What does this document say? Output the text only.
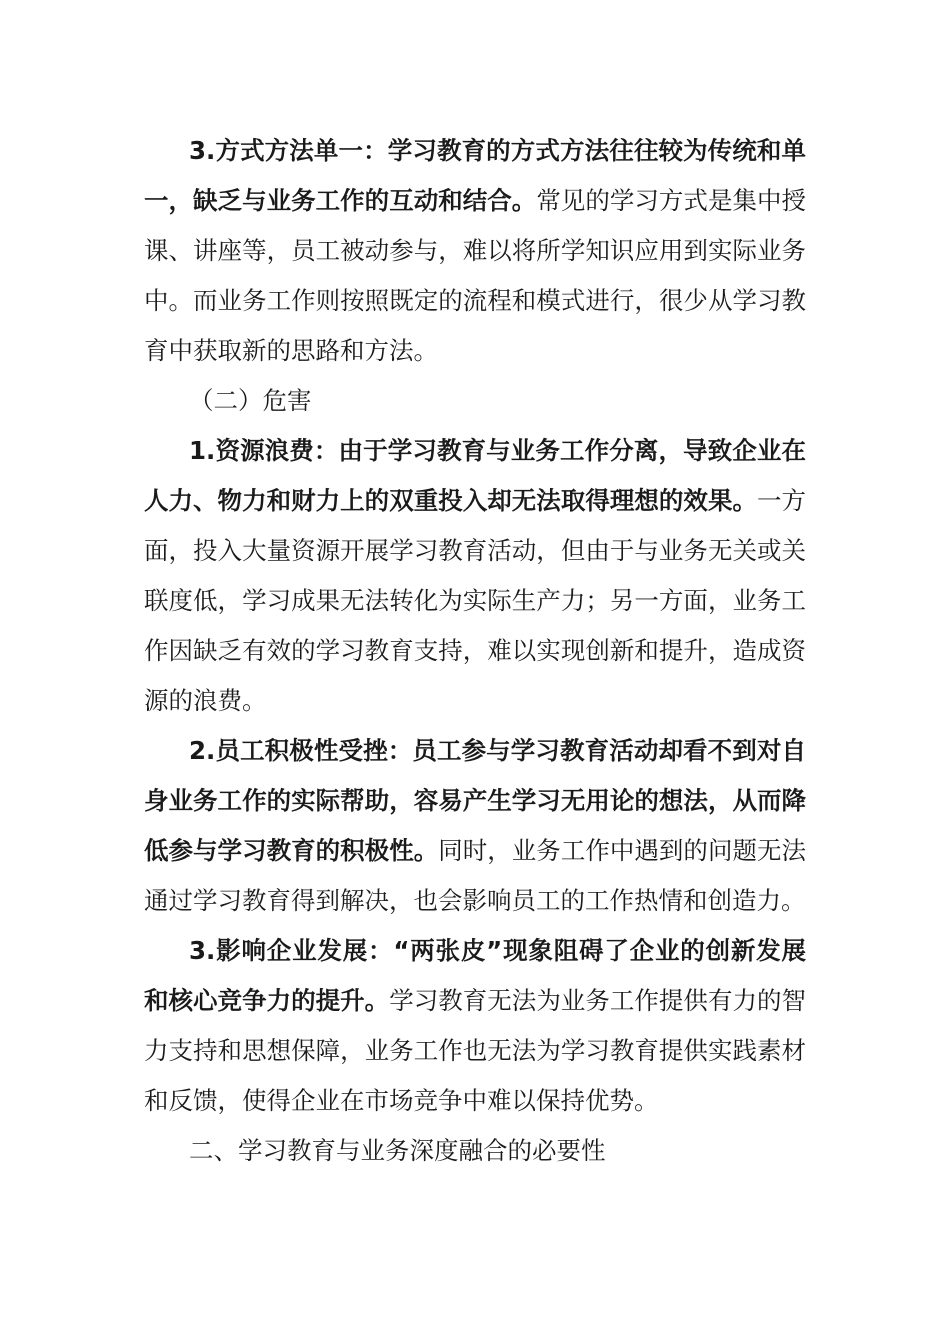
3.方式方法单一：学习教育的方式方法往往较为传统和单一，缺乏与业务工作的互动和结合。常见的学习方式是集中授课、讲座等，员工被动参与，难以将所学知识应用到实际业务中。而业务工作则按照既定的流程和模式进行，很少从学习教育中获取新的思路和方法。

（二）危害

1.资源浪费：由于学习教育与业务工作分离，导致企业在人力、物力和财力上的双重投入却无法取得理想的效果。一方面，投入大量资源开展学习教育活动，但由于与业务无关或关联度低，学习成果无法转化为实际生产力；另一方面，业务工作因缺乏有效的学习教育支持，难以实现创新和提升，造成资源的浪费。

2.员工积极性受挫：员工参与学习教育活动却看不到对自身业务工作的实际帮助，容易产生学习无用论的想法，从而降低参与学习教育的积极性。同时，业务工作中遇到的问题无法通过学习教育得到解决，也会影响员工的工作热情和创造力。

3.影响企业发展：“两张皮”现象阻碍了企业的创新发展和核心竞争力的提升。学习教育无法为业务工作提供有力的智力支持和思想保障，业务工作也无法为学习教育提供实践素材和反馈，使得企业在市场竞争中难以保持优势。

二、学习教育与业务深度融合的必要性
